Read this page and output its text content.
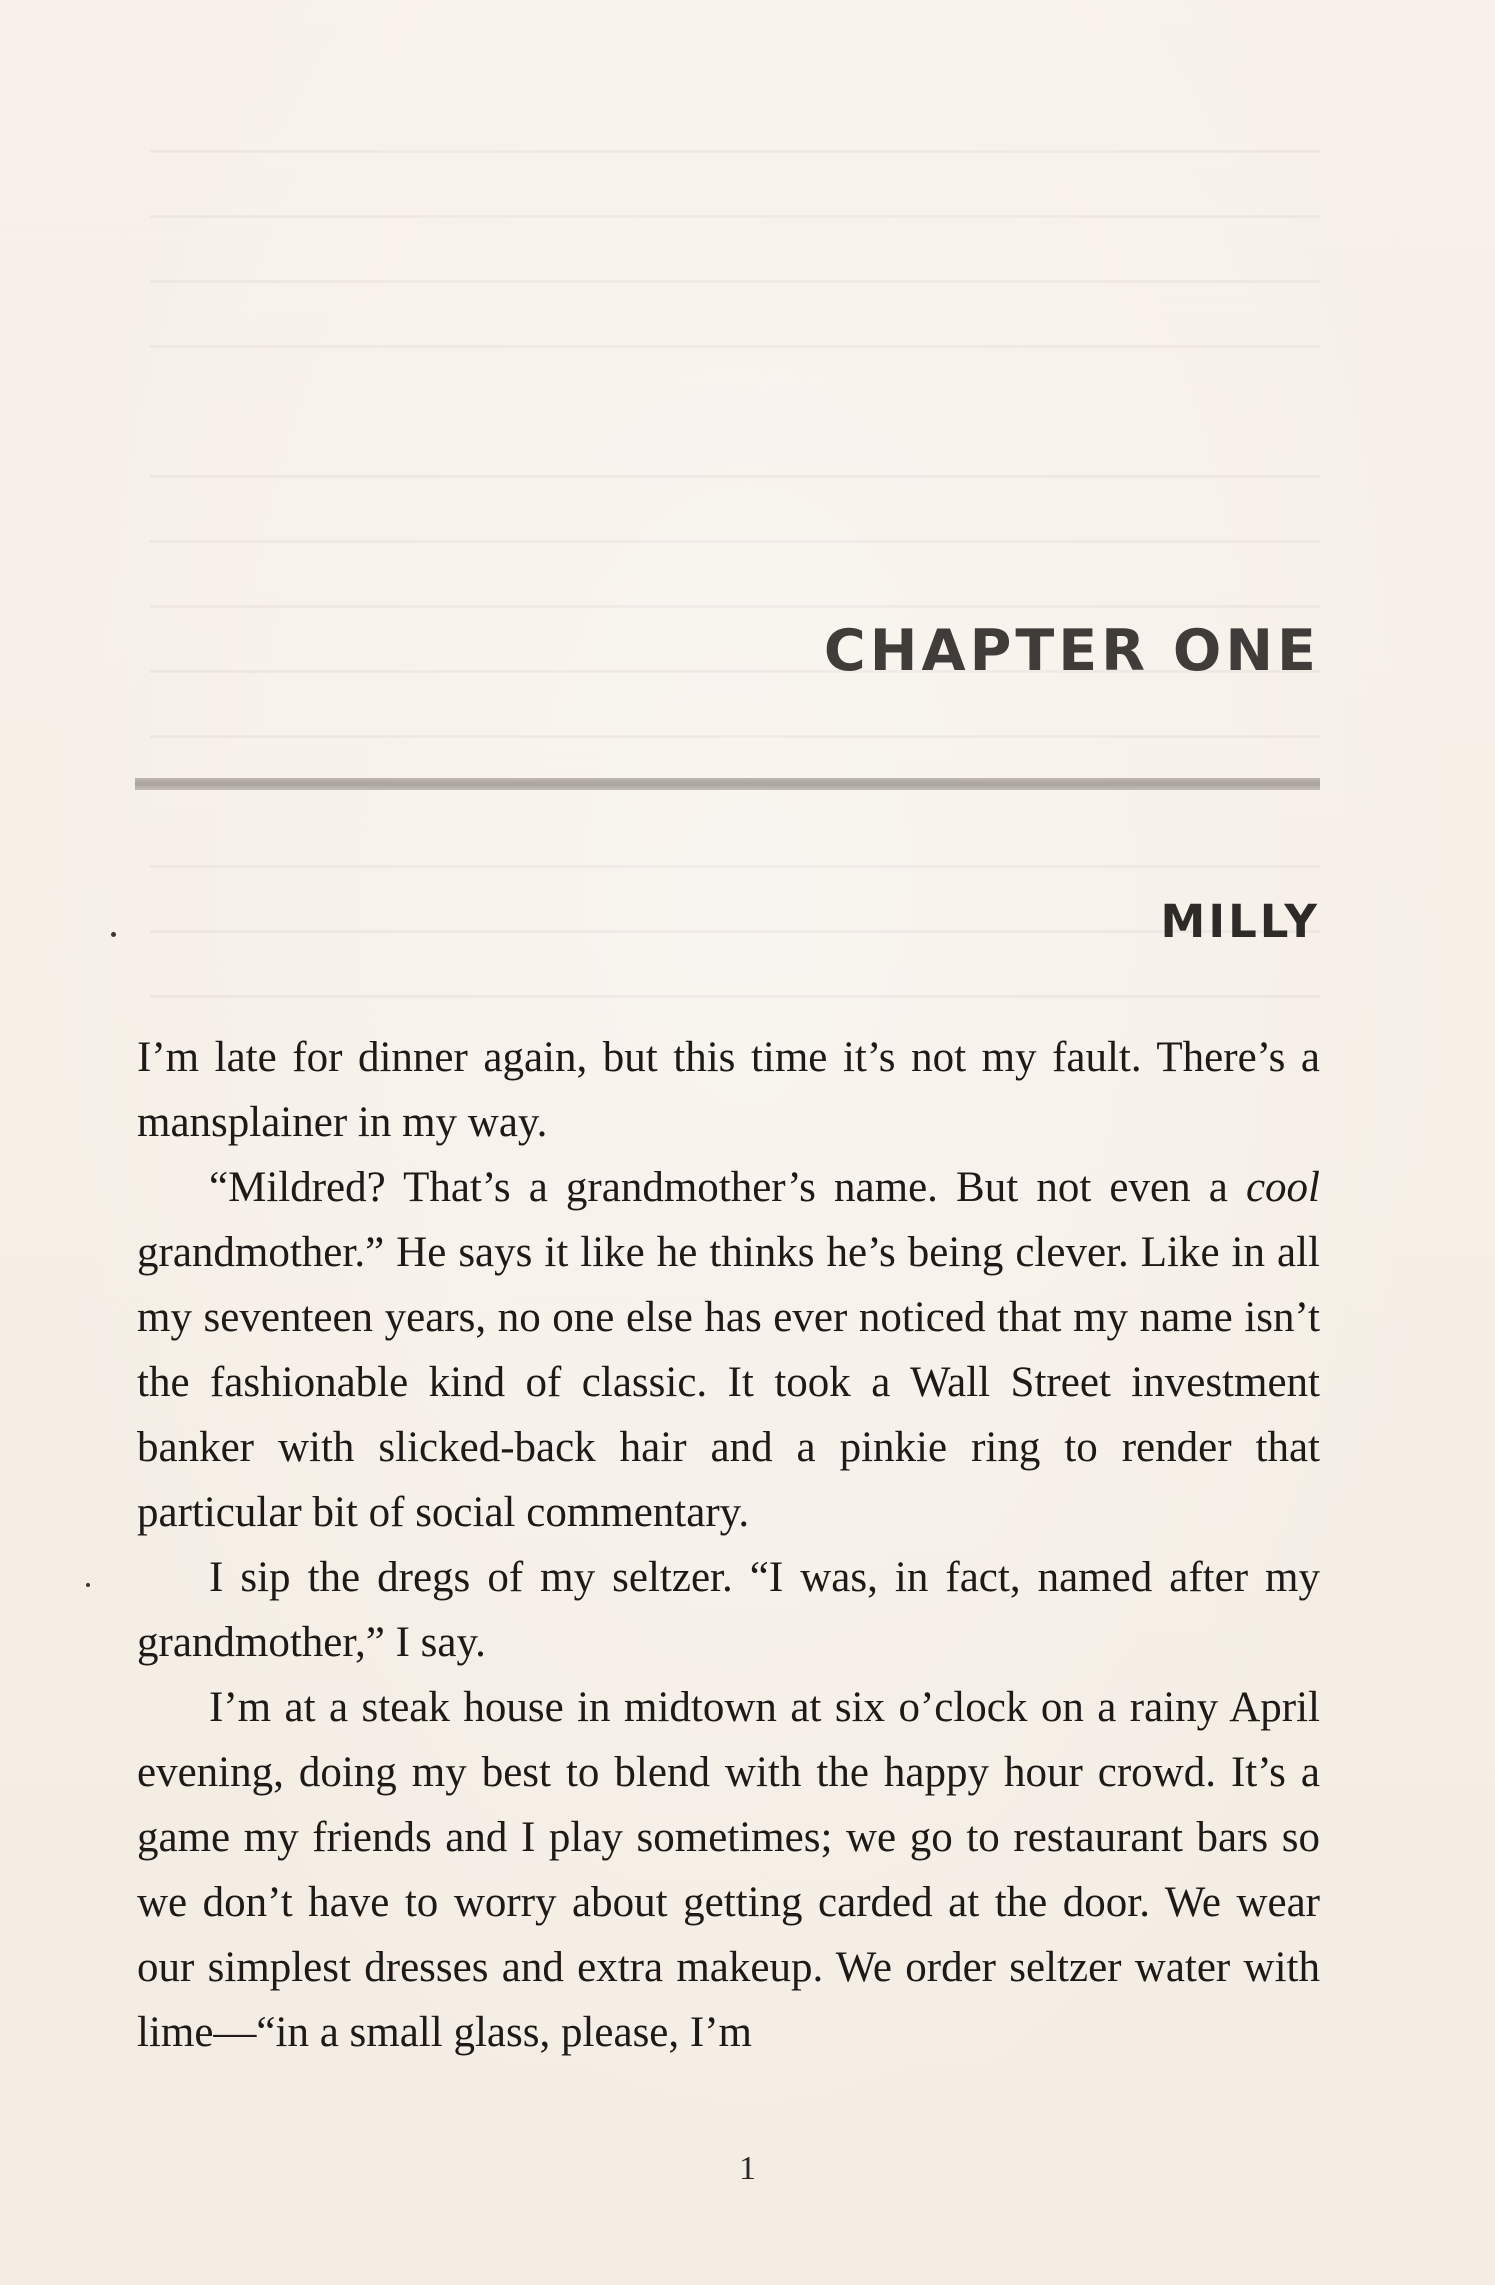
CHAPTER ONE
MILLY

I’m late for dinner again, but this time it’s not my fault. There’s a mansplainer in my way.

“Mildred? That’s a grandmother’s name. But not even a cool grandmother.” He says it like he thinks he’s being clever. Like in all my seventeen years, no one else has ever noticed that my name isn’t the fashionable kind of classic. It took a Wall Street investment banker with slicked-back hair and a pinkie ring to render that particular bit of social commentary.

I sip the dregs of my seltzer. “I was, in fact, named after my grandmother,” I say.

I’m at a steak house in midtown at six o’clock on a rainy April evening, doing my best to blend with the happy hour crowd. It’s a game my friends and I play sometimes; we go to restaurant bars so we don’t have to worry about getting carded at the door. We wear our simplest dresses and extra makeup. We order seltzer water with lime—“in a small glass, please, I’m

1
